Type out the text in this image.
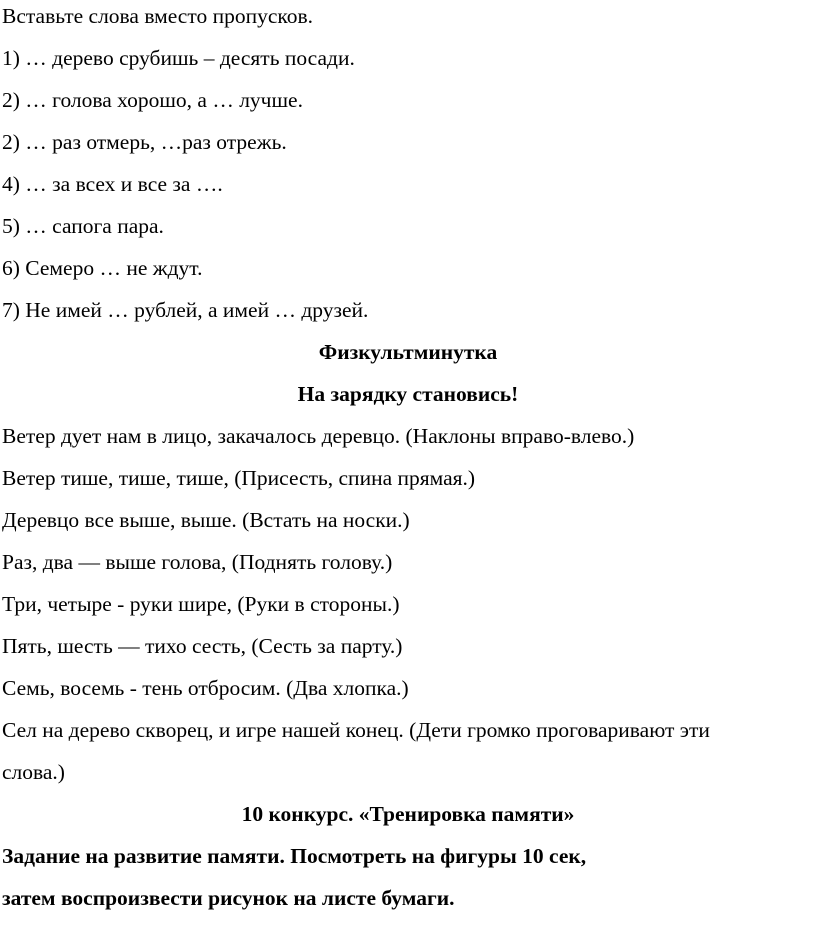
Вставьте слова вместо пропусков.
1) … дерево срубишь – десять посади.
2) … голова хорошо, а … лучше.
2) … раз отмерь, …раз отрежь.
4) … за всех и все за ….
5) … сапога пара.
6) Семеро … не ждут.
7) Не имей … рублей, а имей … друзей.
Физкультминутка
На зарядку становись!
Ветер дует нам в лицо, закачалось деревцо. (Наклоны вправо-влево.)
Ветер тише, тише, тише, (Присесть, спина прямая.)
Деревцо все выше, выше. (Встать на носки.)
Раз, два — выше голова, (Поднять голову.)
Три, четыре - руки шире, (Руки в стороны.)
Пять, шесть — тихо сесть, (Сесть за парту.)
Семь, восемь - тень отбросим. (Два хлопка.)
Сел на дерево скворец, и игре нашей конец. (Дети громко проговаривают эти
слова.)
10 конкурс. «Тренировка памяти»
Задание на развитие памяти. Посмотреть на фигуры 10 сек,
затем воспроизвести рисунок на листе бумаги.
